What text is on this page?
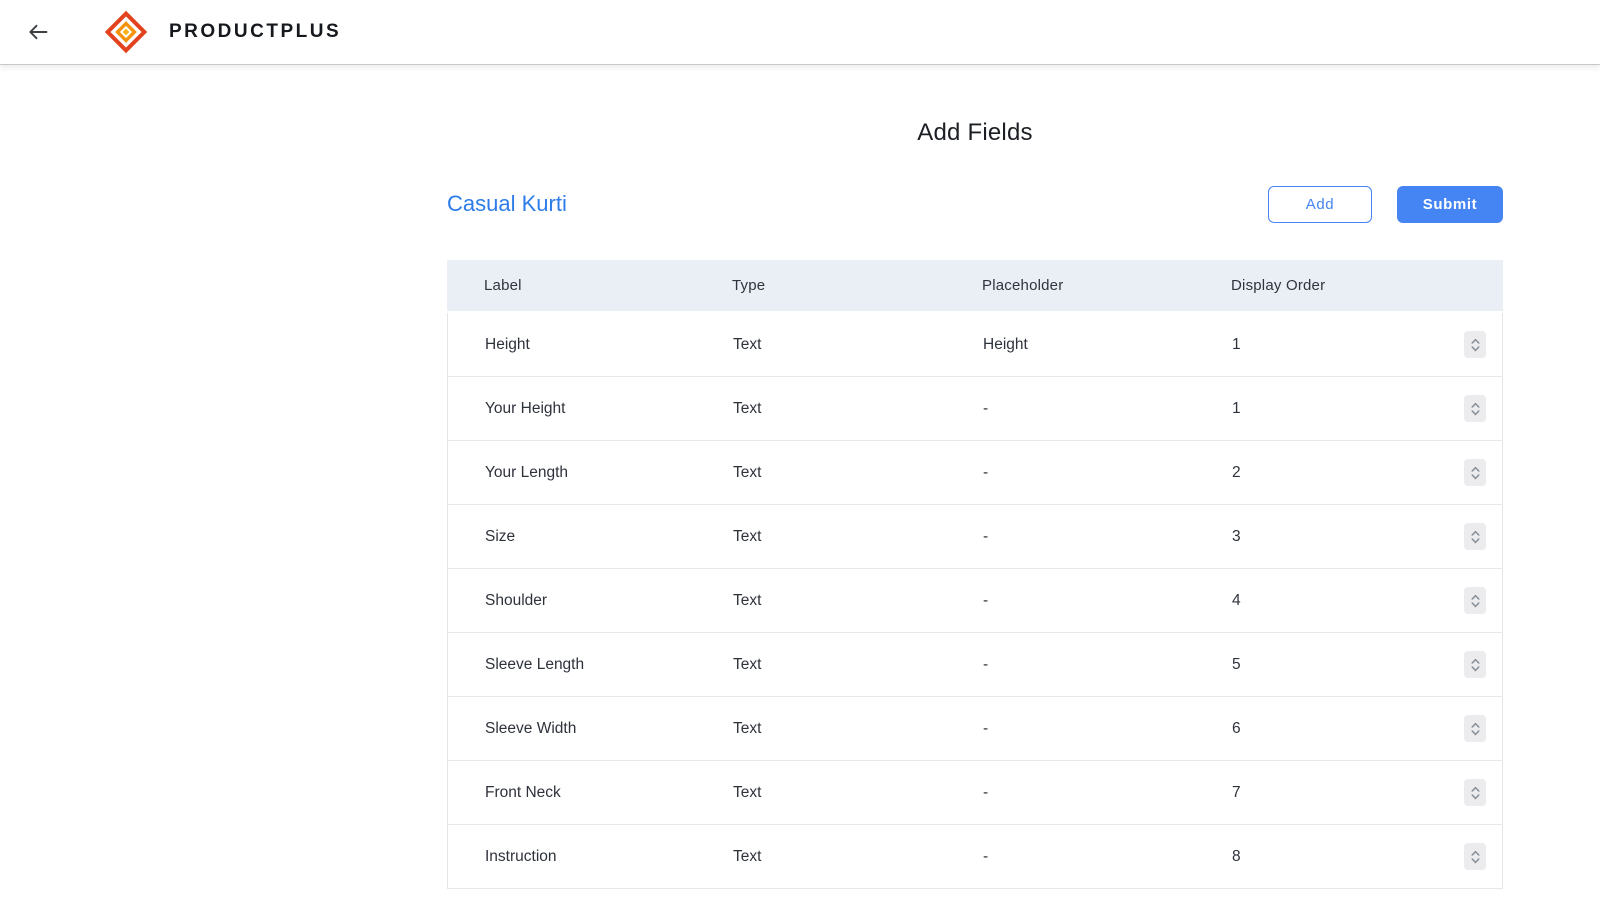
PRODUCTPLUS
Add Fields
Casual Kurti	Add	Submit
Label	Type	Placeholder	Display Order
Height	Text	Height	1
Your Height	Text	-	1
Your Length	Text	-	2
Size	Text	-	3
Shoulder	Text	-	4
Sleeve Length	Text	-	5
Sleeve Width	Text	-	6
Front Neck	Text	-	7
Instruction	Text	-	8
